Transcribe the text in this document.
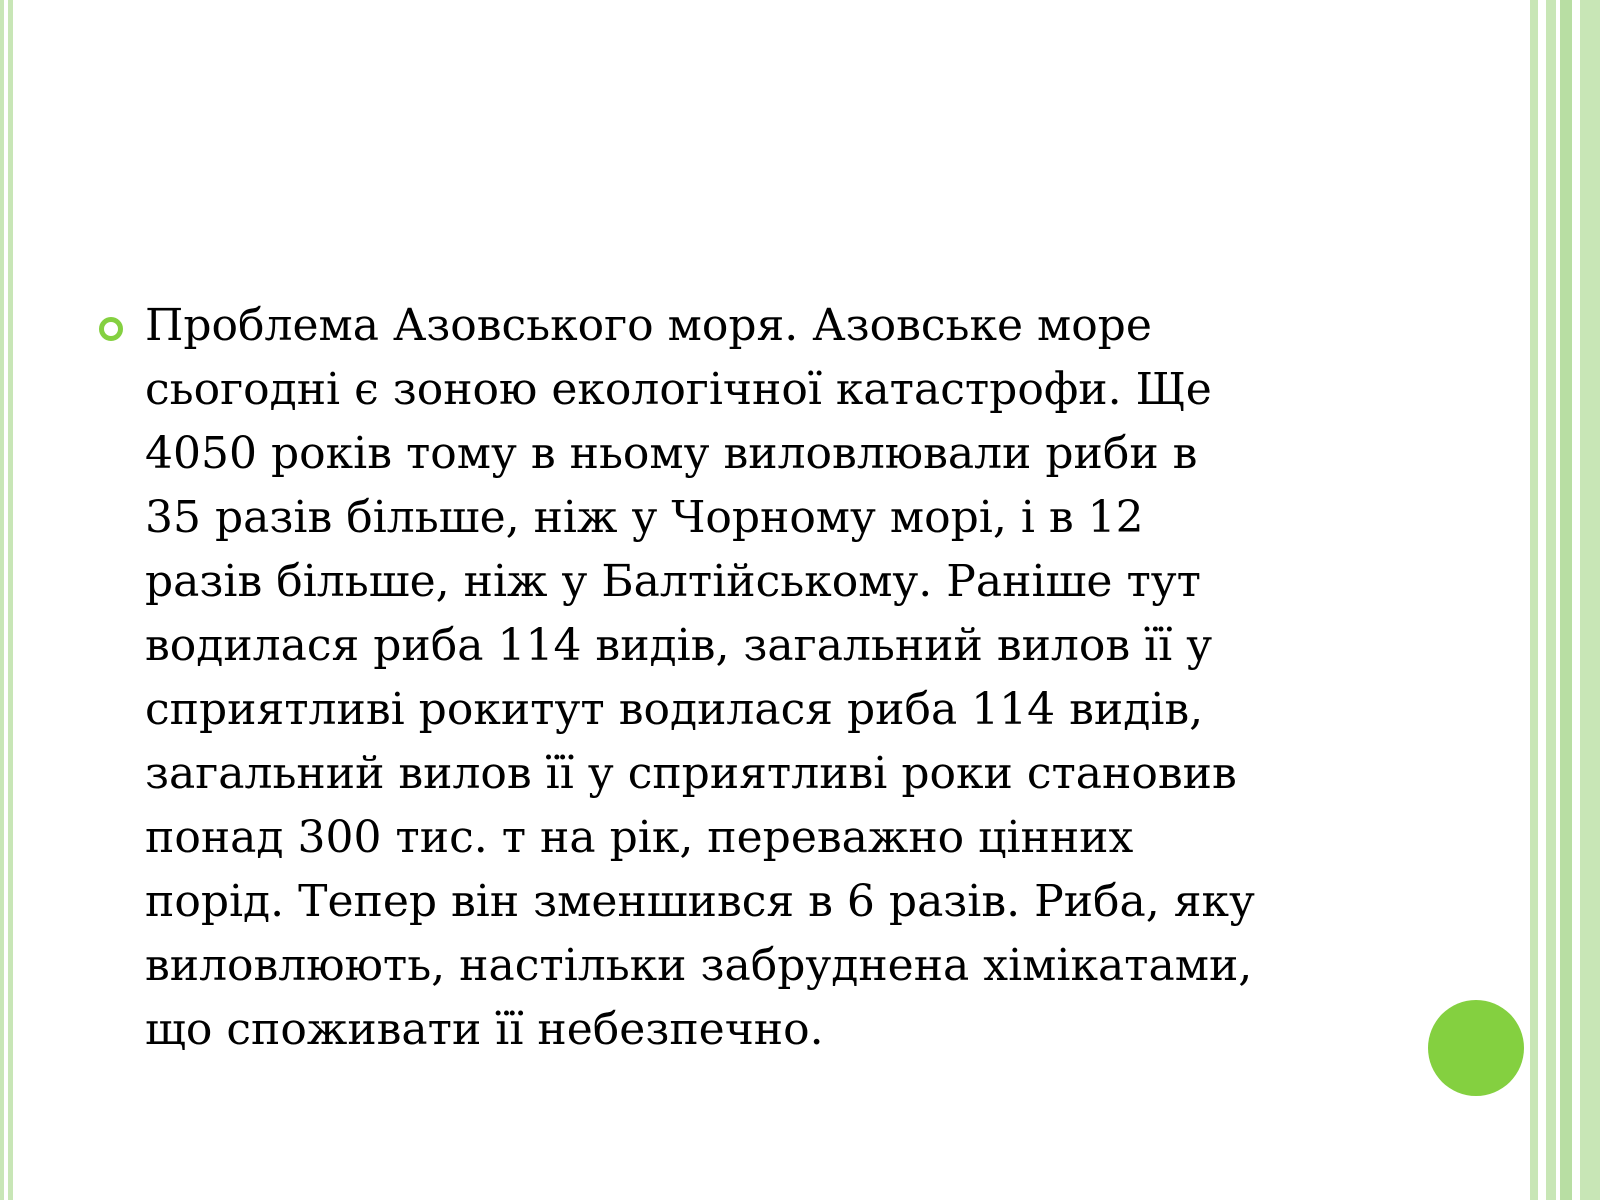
Проблема Азовського моря. Азовське море
сьогодні є зоною екологічної катастрофи. Ще
4050 років тому в ньому виловлювали риби в
35 разів більше, ніж у Чорному морі, і в 12
разів більше, ніж у Балтійському. Раніше тут
водилася риба 114 видів, загальний вилов її у
сприятливі рокитут водилася риба 114 видів,
загальний вилов її у сприятливі роки становив
понад 300 тис. т на рік, переважно цінних
порід. Тепер він зменшився в 6 разів. Риба, яку
виловлюють, настільки забруднена хімікатами,
що споживати її небезпечно.
